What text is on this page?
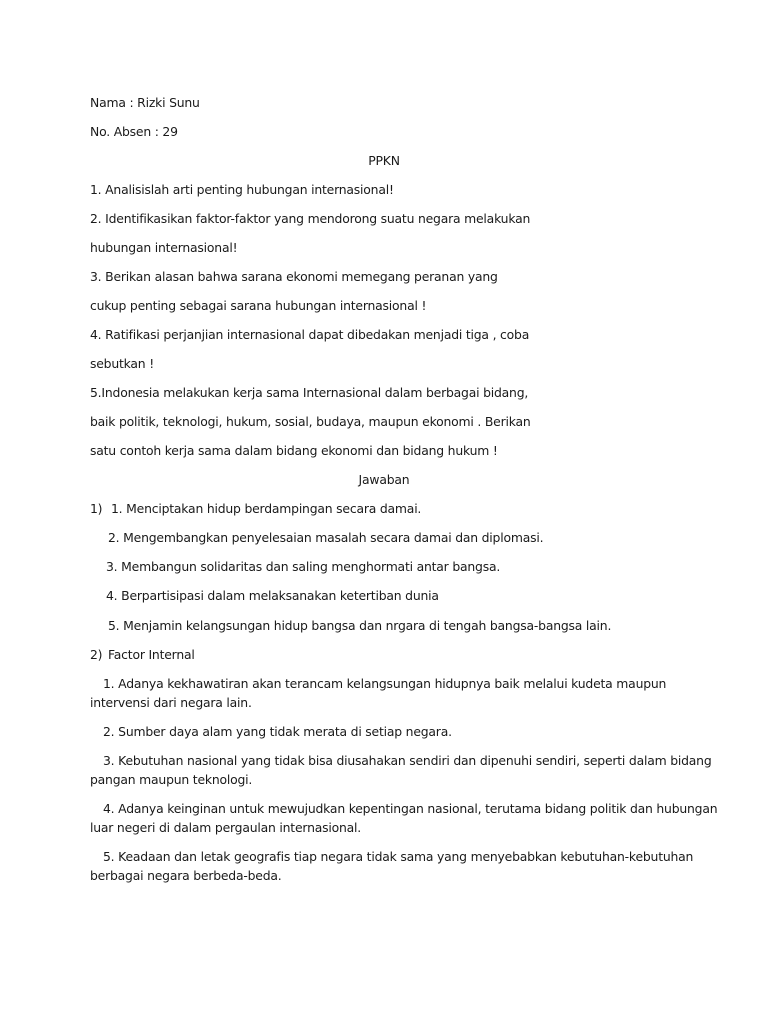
Nama : Rizki Sunu
No. Absen : 29
PPKN
1. Analisislah arti penting hubungan internasional!
2. Identifikasikan faktor-faktor yang mendorong suatu negara melakukan
hubungan internasional!
3. Berikan alasan bahwa sarana ekonomi memegang peranan yang
cukup penting sebagai sarana hubungan internasional !
4. Ratifikasi perjanjian internasional dapat dibedakan menjadi tiga , coba
sebutkan !
5.Indonesia melakukan kerja sama Internasional dalam berbagai bidang,
baik politik, teknologi, hukum, sosial, budaya, maupun ekonomi . Berikan
satu contoh kerja sama dalam bidang ekonomi dan bidang hukum !
Jawaban
1) 1. Menciptakan hidup berdampingan secara damai.
2. Mengembangkan penyelesaian masalah secara damai dan diplomasi.
3. Membangun solidaritas dan saling menghormati antar bangsa.
4. Berpartisipasi dalam melaksanakan ketertiban dunia
5. Menjamin kelangsungan hidup bangsa dan nrgara di tengah bangsa-bangsa lain.
2) Factor Internal
1. Adanya kekhawatiran akan terancam kelangsungan hidupnya baik melalui kudeta maupun
intervensi dari negara lain.
2. Sumber daya alam yang tidak merata di setiap negara.
3. Kebutuhan nasional yang tidak bisa diusahakan sendiri dan dipenuhi sendiri, seperti dalam bidang
pangan maupun teknologi.
4. Adanya keinginan untuk mewujudkan kepentingan nasional, terutama bidang politik dan hubungan
luar negeri di dalam pergaulan internasional.
5. Keadaan dan letak geografis tiap negara tidak sama yang menyebabkan kebutuhan-kebutuhan
berbagai negara berbeda-beda.
